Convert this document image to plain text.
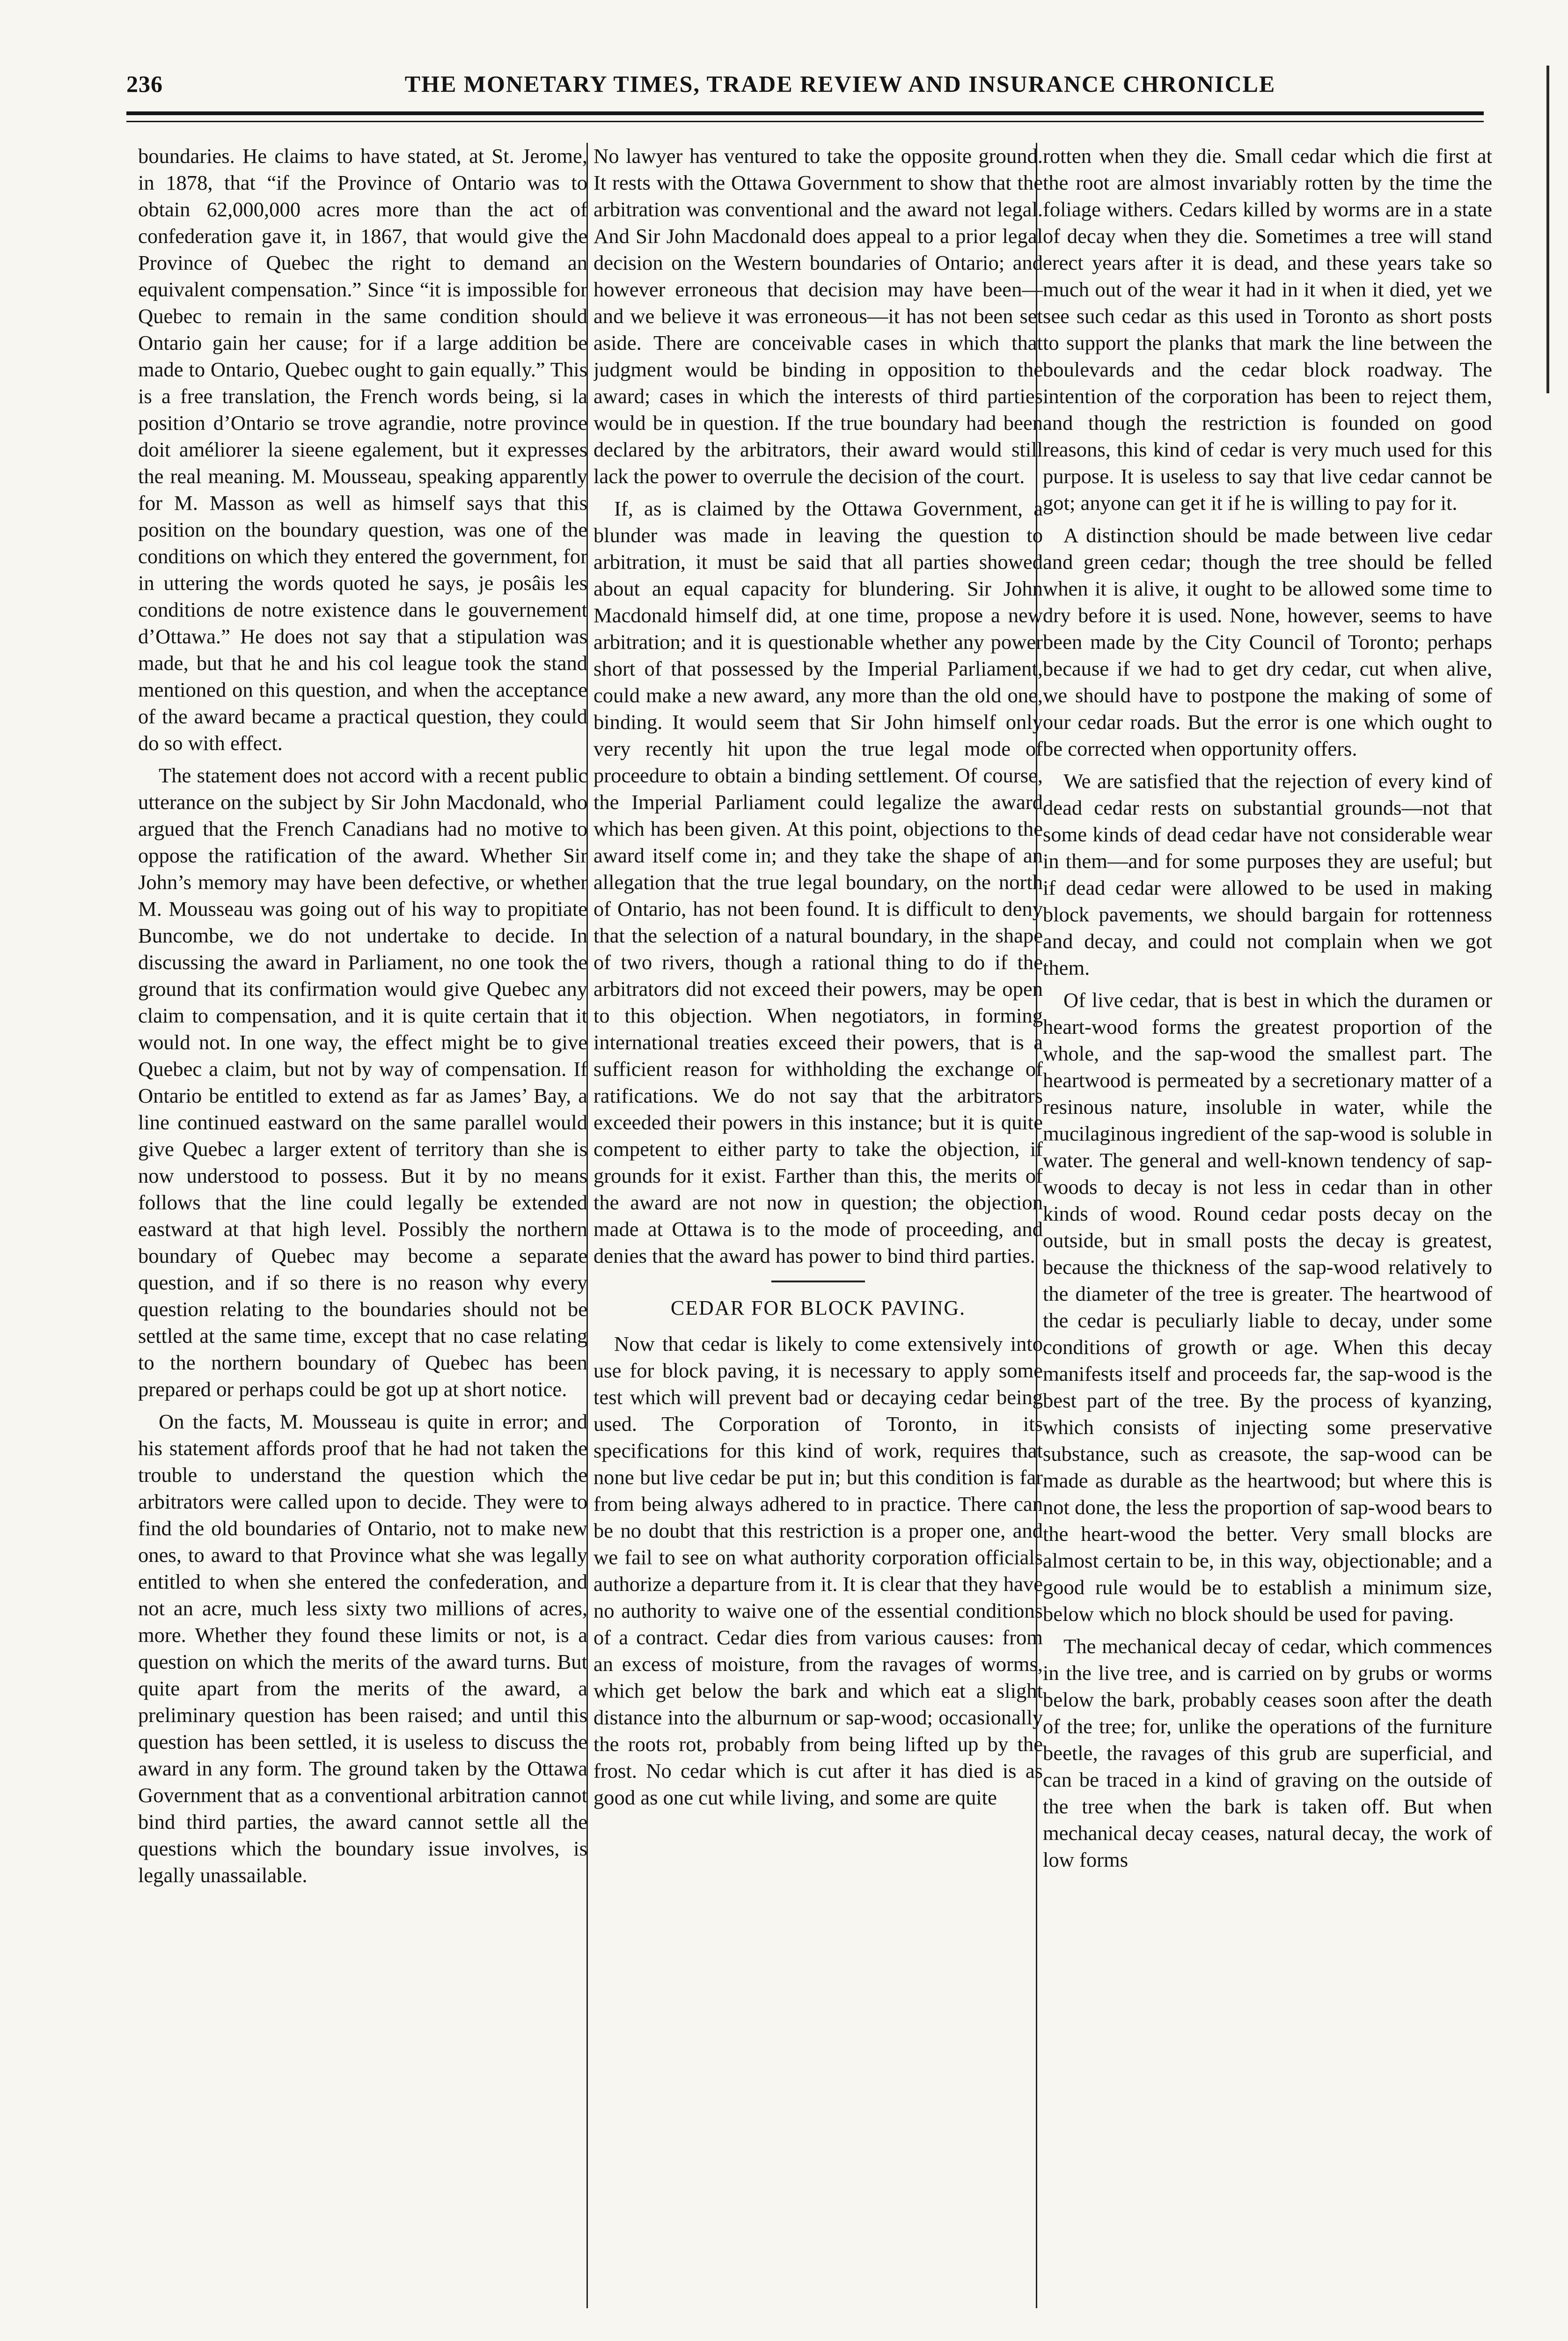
236	THE MONETARY TIMES, TRADE REVIEW AND INSURANCE CHRONICLE

boundaries. He claims to have stated, at St. Jerome, in 1878, that “if the Province of Ontario was to obtain 62,000,000 acres more than the act of confederation gave it, in 1867, that would give the Province of Quebec the right to demand an equivalent compensation.” Since “it is impossible for Quebec to remain in the same condition should Ontario gain her cause; for if a large addition be made to Ontario, Quebec ought to gain equally.” This is a free translation, the French words being, si la position d’Ontario se trove agrandie, notre province doit améliorer la sieene egalement, but it expresses the real meaning. M. Mousseau, speaking apparently for M. Masson as well as himself says that this position on the boundary question, was one of the conditions on which they entered the government, for in uttering the words quoted he says, je posâis les conditions de notre existence dans le gouvernement d’Ottawa.” He does not say that a stipulation was made, but that he and his col league took the stand mentioned on this question, and when the acceptance of the award became a practical question, they could do so with effect.

The statement does not accord with a recent public utterance on the subject by Sir John Macdonald, who argued that the French Canadians had no motive to oppose the ratification of the award. Whether Sir John’s memory may have been defective, or whether M. Mousseau was going out of his way to propitiate Buncombe, we do not undertake to decide. In discussing the award in Parliament, no one took the ground that its confirmation would give Quebec any claim to compensation, and it is quite certain that it would not. In one way, the effect might be to give Quebec a claim, but not by way of compensation. If Ontario be entitled to extend as far as James’ Bay, a line continued eastward on the same parallel would give Quebec a larger extent of territory than she is now understood to possess. But it by no means follows that the line could legally be extended eastward at that high level. Possibly the northern boundary of Quebec may become a separate question, and if so there is no reason why every question relating to the boundaries should not be settled at the same time, except that no case relating to the northern boundary of Quebec has been prepared or perhaps could be got up at short notice.

On the facts, M. Mousseau is quite in error; and his statement affords proof that he had not taken the trouble to understand the question which the arbitrators were called upon to decide. They were to find the old boundaries of Ontario, not to make new ones, to award to that Province what she was legally entitled to when she entered the confederation, and not an acre, much less sixty two millions of acres, more. Whether they found these limits or not, is a question on which the merits of the award turns. But quite apart from the merits of the award, a preliminary question has been raised; and until this question has been settled, it is useless to discuss the award in any form. The ground taken by the Ottawa Government that as a conventional arbitration cannot bind third parties, the award cannot settle all the questions which the boundary issue involves, is legally unassailable.

No lawyer has ventured to take the opposite ground. It rests with the Ottawa Government to show that the arbitration was conventional and the award not legal. And Sir John Macdonald does appeal to a prior legal decision on the Western boundaries of Ontario; and however erroneous that decision may have been—and we believe it was erroneous—it has not been set aside. There are conceivable cases in which that judgment would be binding in opposition to the award; cases in which the interests of third parties would be in question. If the true boundary had been declared by the arbitrators, their award would still lack the power to overrule the decision of the court.

If, as is claimed by the Ottawa Government, a blunder was made in leaving the question to arbitration, it must be said that all parties showed about an equal capacity for blundering. Sir John Macdonald himself did, at one time, propose a new arbitration; and it is questionable whether any power short of that possessed by the Imperial Parliament, could make a new award, any more than the old one, binding. It would seem that Sir John himself only very recently hit upon the true legal mode of proceedure to obtain a binding settlement. Of course, the Imperial Parliament could legalize the award which has been given. At this point, objections to the award itself come in; and they take the shape of an allegation that the true legal boundary, on the north of Ontario, has not been found. It is difficult to deny that the selection of a natural boundary, in the shape of two rivers, though a rational thing to do if the arbitrators did not exceed their powers, may be open to this objection. When negotiators, in forming international treaties exceed their powers, that is a sufficient reason for withholding the exchange of ratifications. We do not say that the arbitrators exceeded their powers in this instance; but it is quite competent to either party to take the objection, if grounds for it exist. Farther than this, the merits of the award are not now in question; the objection made at Ottawa is to the mode of proceeding, and denies that the award has power to bind third parties.

CEDAR FOR BLOCK PAVING.

Now that cedar is likely to come extensively into use for block paving, it is necessary to apply some test which will prevent bad or decaying cedar being used. The Corporation of Toronto, in its specifications for this kind of work, requires that none but live cedar be put in; but this condition is far from being always adhered to in practice. There can be no doubt that this restriction is a proper one, and we fail to see on what authority corporation officials authorize a departure from it. It is clear that they have no authority to waive one of the essential conditions of a contract. Cedar dies from various causes: from an excess of moisture, from the ravages of worms, which get below the bark and which eat a slight distance into the alburnum or sap-wood; occasionally the roots rot, probably from being lifted up by the frost. No cedar which is cut after it has died is as good as one cut while living, and some are quite

rotten when they die. Small cedar which die first at the root are almost invariably rotten by the time the foliage withers. Cedars killed by worms are in a state of decay when they die. Sometimes a tree will stand erect years after it is dead, and these years take so much out of the wear it had in it when it died, yet we see such cedar as this used in Toronto as short posts to support the planks that mark the line between the boulevards and the cedar block roadway. The intention of the corporation has been to reject them, and though the restriction is founded on good reasons, this kind of cedar is very much used for this purpose. It is useless to say that live cedar cannot be got; anyone can get it if he is willing to pay for it.

A distinction should be made between live cedar and green cedar; though the tree should be felled when it is alive, it ought to be allowed some time to dry before it is used. None, however, seems to have been made by the City Council of Toronto; perhaps because if we had to get dry cedar, cut when alive, we should have to postpone the making of some of our cedar roads. But the error is one which ought to be corrected when opportunity offers.

We are satisfied that the rejection of every kind of dead cedar rests on substantial grounds—not that some kinds of dead cedar have not considerable wear in them—and for some purposes they are useful; but if dead cedar were allowed to be used in making block pavements, we should bargain for rottenness and decay, and could not complain when we got them.

Of live cedar, that is best in which the duramen or heart-wood forms the greatest proportion of the whole, and the sap-wood the smallest part. The heartwood is permeated by a secretionary matter of a resinous nature, insoluble in water, while the mucilaginous ingredient of the sap-wood is soluble in water. The general and well-known tendency of sap-woods to decay is not less in cedar than in other kinds of wood. Round cedar posts decay on the outside, but in small posts the decay is greatest, because the thickness of the sap-wood relatively to the diameter of the tree is greater. The heartwood of the cedar is peculiarly liable to decay, under some conditions of growth or age. When this decay manifests itself and proceeds far, the sap-wood is the best part of the tree. By the process of kyanzing, which consists of injecting some preservative substance, such as creasote, the sap-wood can be made as durable as the heartwood; but where this is not done, the less the proportion of sap-wood bears to the heart-wood the better. Very small blocks are almost certain to be, in this way, objectionable; and a good rule would be to establish a minimum size, below which no block should be used for paving.

The mechanical decay of cedar, which commences in the live tree, and is carried on by grubs or worms below the bark, probably ceases soon after the death of the tree; for, unlike the operations of the furniture beetle, the ravages of this grub are superficial, and can be traced in a kind of graving on the outside of the tree when the bark is taken off. But when mechanical decay ceases, natural decay, the work of low forms
